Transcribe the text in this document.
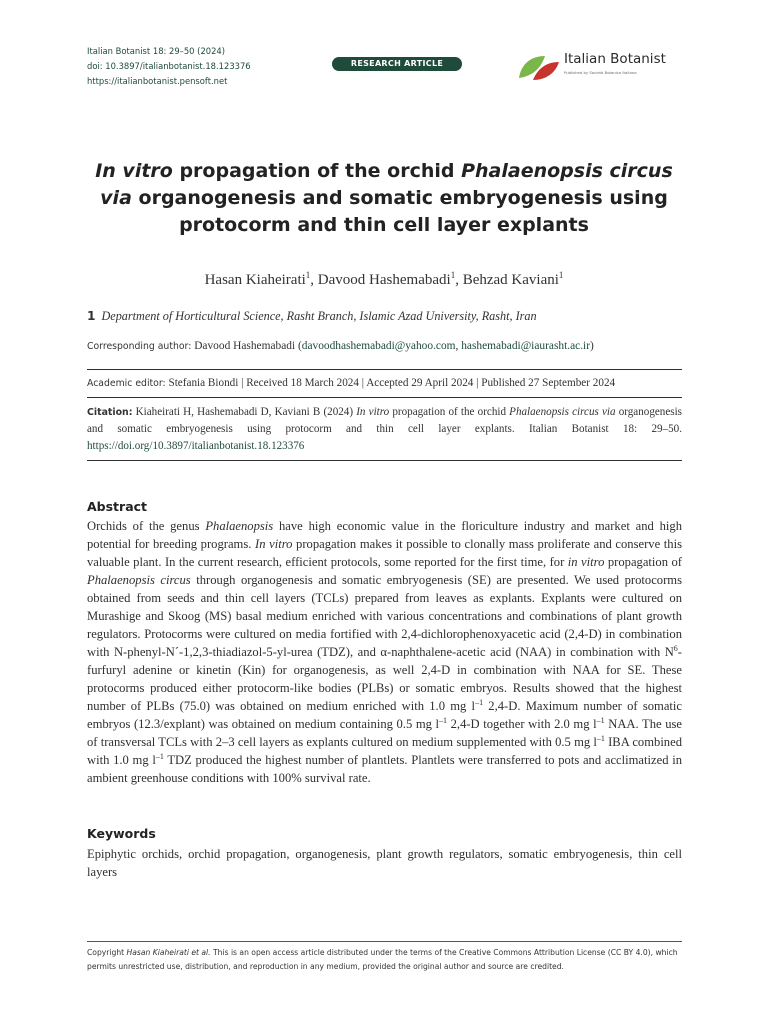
Italian Botanist 18: 29–50 (2024)
doi: 10.3897/italianbotanist.18.123376
https://italianbotanist.pensoft.net
RESEARCH ARTICLE	Italian Botanist
Published by Società Botanica Italiana
In vitro propagation of the orchid Phalaenopsis circus
via organogenesis and somatic embryogenesis using
protocorm and thin cell layer explants
Hasan Kiaheirati$^1$, Davood Hashemabadi$^1$, Behzad Kaviani$^1$
1 Department of Horticultural Science, Rasht Branch, Islamic Azad University, Rasht, Iran
Corresponding author: Davood Hashemabadi (davoodhashemabadi@yahoo.com, hashemabadi@iaurasht.ac.ir)
Academic editor: Stefania Biondi | Received 18 March 2024 | Accepted 29 April 2024 | Published 27 September 2024
Citation: Kiaheirati H, Hashemabadi D, Kaviani B (2024) In vitro propagation of the orchid Phalaenopsis circus via organogenesis and somatic embryogenesis using protocorm and thin cell layer explants. Italian Botanist 18: 29–50. https://doi.org/10.3897/italianbotanist.18.123376
Abstract
Orchids of the genus Phalaenopsis have high economic value in the floriculture industry and market and high potential for breeding programs. In vitro propagation makes it possible to clonally mass proliferate and conserve this valuable plant. In the current research, efficient protocols, some reported for the first time, for in vitro propagation of Phalaenopsis circus through organogenesis and somatic embryogenesis (SE) are presented. We used protocorms obtained from seeds and thin cell layers (TCLs) prepared from leaves as explants. Explants were cultured on Murashige and Skoog (MS) basal medium enriched with various concentrations and combinations of plant growth regulators. Protocorms were cultured on media fortified with 2,4-dichlorophenoxyacetic acid (2,4-D) in combination with N-phenyl-N´-1,2,3-thiadiazol-5-yl-urea (TDZ), and α-naphthalene-acetic acid (NAA) in combination with $N^6$-furfuryl adenine or kinetin (Kin) for organogenesis, as well 2,4-D in combination with NAA for SE. These protocorms produced either protocorm-like bodies (PLBs) or somatic embryos. Results showed that the highest number of PLBs (75.0) was obtained on medium enriched with 1.0 mg $l^{-1}$ 2,4-D. Maximum number of somatic embryos (12.3/explant) was obtained on medium containing 0.5 mg $l^{-1}$ 2,4-D together with 2.0 mg $l^{-1}$ NAA. The use of transversal TCLs with 2–3 cell layers as explants cultured on medium supplemented with 0.5 mg $l^{-1}$ IBA combined with 1.0 mg $l^{-1}$ TDZ produced the highest number of plantlets. Plantlets were transferred to pots and acclimatized in ambient greenhouse conditions with 100% survival rate.
Keywords
Epiphytic orchids, orchid propagation, organogenesis, plant growth regulators, somatic embryogenesis, thin cell layers
Copyright Hasan Kiaheirati et al. This is an open access article distributed under the terms of the Creative Commons Attribution License (CC BY 4.0), which permits unrestricted use, distribution, and reproduction in any medium, provided the original author and source are credited.
